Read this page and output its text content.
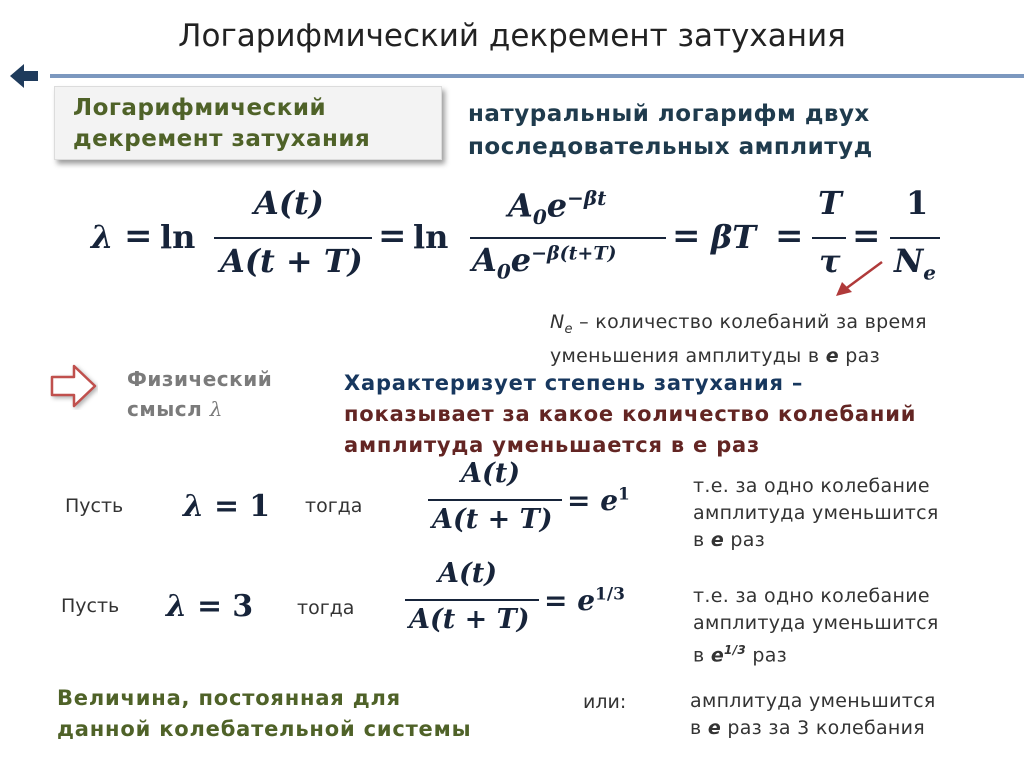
Логарифмический декремент затухания
Логарифмический
декремент затухания
натуральный логарифм двух
последовательных амплитуд
λ = ln
A(t)
A(t + T)
= ln
$A_0e^{-\beta t}$
$A_0e^{-\beta(t+T)} = \beta T$ =
T
τ
=
1
$N_e$
$N_e$ – количество колебаний за время
уменьшения амплитуды в e раз
Физический
смысл λ
Характеризует степень затухания –
показывает за какое количество колебаний
амплитуда уменьшается в е раз
Пусть λ = 1 тогда
A(t)
A(t + T)
= $e^1$	т.е. за одно колебание
амплитуда уменьшится
в e раз
Пусть λ = 3 тогда
A(t)
A(t + T)
= $e^{1/3}$	т.е. за одно колебание
амплитуда уменьшится
в $e^{1/3}$ раз
Величина, постоянная для
данной колебательной системы
или:	амплитуда уменьшится
в e раз за 3 колебания
